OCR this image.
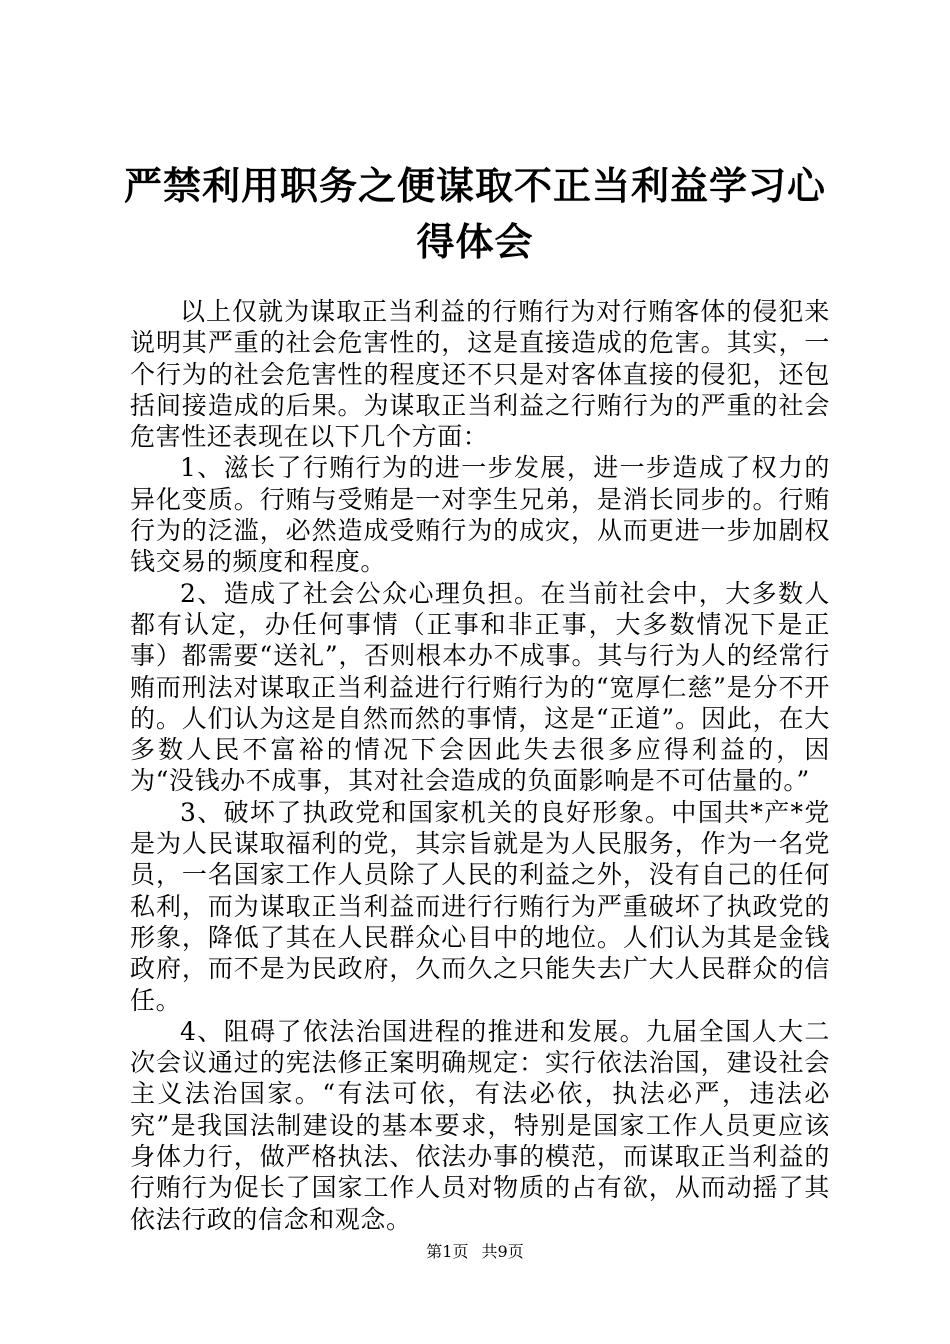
严禁利用职务之便谋取不正当利益学习心得体会

以上仅就为谋取正当利益的行贿行为对行贿客体的侵犯来说明其严重的社会危害性的，这是直接造成的危害。其实，一个行为的社会危害性的程度还不只是对客体直接的侵犯，还包括间接造成的后果。为谋取正当利益之行贿行为的严重的社会危害性还表现在以下几个方面：

1、滋长了行贿行为的进一步发展，进一步造成了权力的异化变质。行贿与受贿是一对孪生兄弟，是消长同步的。行贿行为的泛滥，必然造成受贿行为的成灾，从而更进一步加剧权钱交易的频度和程度。

2、造成了社会公众心理负担。在当前社会中，大多数人都有认定，办任何事情（正事和非正事，大多数情况下是正事）都需要“送礼”，否则根本办不成事。其与行为人的经常行贿而刑法对谋取正当利益进行行贿行为的“宽厚仁慈”是分不开的。人们认为这是自然而然的事情，这是“正道”。因此，在大多数人民不富裕的情况下会因此失去很多应得利益的，因为“没钱办不成事，其对社会造成的负面影响是不可估量的。”

3、破坏了执政党和国家机关的良好形象。中国共*产*党是为人民谋取福利的党，其宗旨就是为人民服务，作为一名党员，一名国家工作人员除了人民的利益之外，没有自己的任何私利，而为谋取正当利益而进行行贿行为严重破坏了执政党的形象，降低了其在人民群众心目中的地位。人们认为其是金钱政府，而不是为民政府，久而久之只能失去广大人民群众的信任。

4、阻碍了依法治国进程的推进和发展。九届全国人大二次会议通过的宪法修正案明确规定：实行依法治国，建设社会主义法治国家。“有法可依，有法必依，执法必严，违法必究”是我国法制建设的基本要求，特别是国家工作人员更应该身体力行，做严格执法、依法办事的模范，而谋取正当利益的行贿行为促长了国家工作人员对物质的占有欲，从而动摇了其依法行政的信念和观念。

第1页 共9页
